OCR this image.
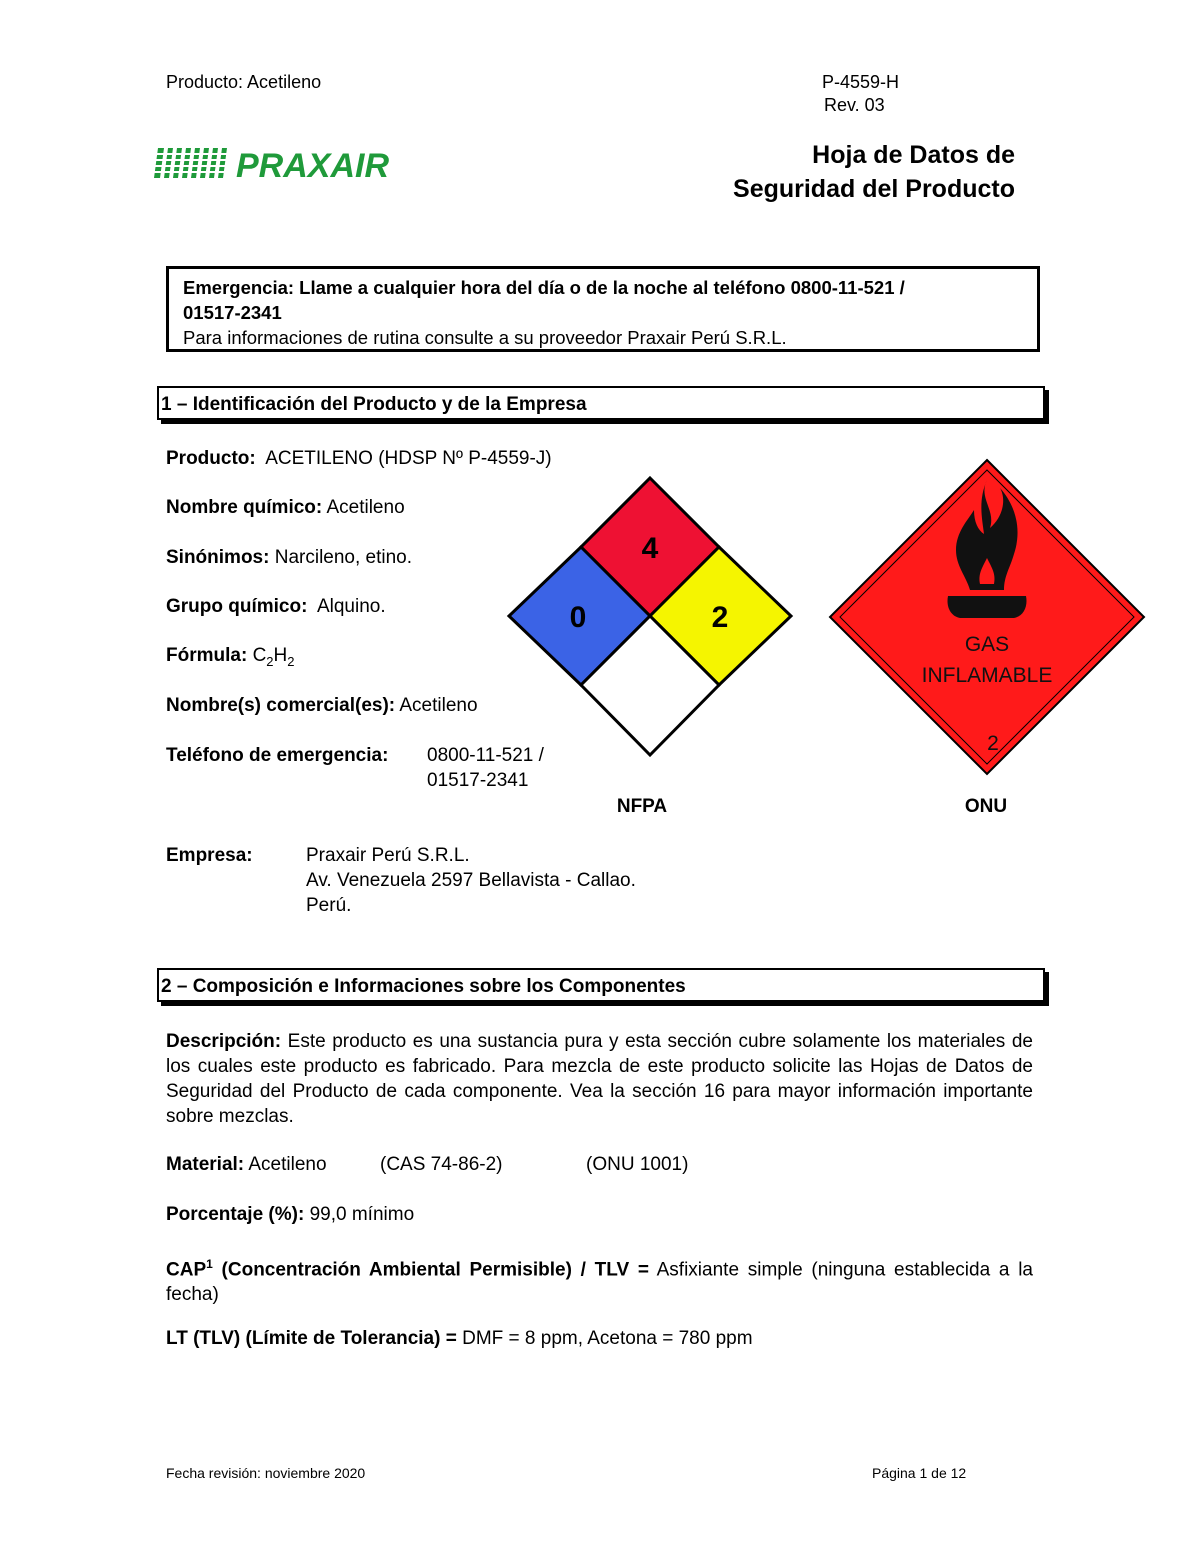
Producto: Acetileno	P-4559-H
Rev. 03
PRAXAIR	Hoja de Datos de
Seguridad del Producto
Emergencia: Llame a cualquier hora del día o de la noche al teléfono 0800-11-521 /
01517-2341
Para informaciones de rutina consulte a su proveedor Praxair Perú S.R.L.
1 – Identificación del Producto y de la Empresa
Producto: ACETILENO (HDSP Nº P-4559-J)
Nombre químico: Acetileno
Sinónimos: Narcileno, etino.
Grupo químico: Alquino.
Fórmula: $C_2H_2$
Nombre(s) comercial(es): Acetileno
Teléfono de emergencia: 0800-11-521 /
01517-2341
Empresa:	Praxair Perú S.R.L.
Av. Venezuela 2597 Bellavista - Callao.
Perú.
4
0	2
NFPA
GAS
INFLAMABLE
2
ONU
2 – Composición e Informaciones sobre los Componentes
Descripción: Este producto es una sustancia pura y esta sección cubre solamente los materiales de los cuales este producto es fabricado. Para mezcla de este producto solicite las Hojas de Datos de Seguridad del Producto de cada componente. Vea la sección 16 para mayor información importante sobre mezclas.
Material: Acetileno	(CAS 74-86-2)	(ONU 1001)
Porcentaje (%): 99,0 mínimo
CAP$^1$ (Concentración Ambiental Permisible) / TLV = Asfixiante simple (ninguna establecida a la fecha)
LT (TLV) (Límite de Tolerancia) = DMF = 8 ppm, Acetona = 780 ppm
Fecha revisión: noviembre 2020	Página 1 de 12
